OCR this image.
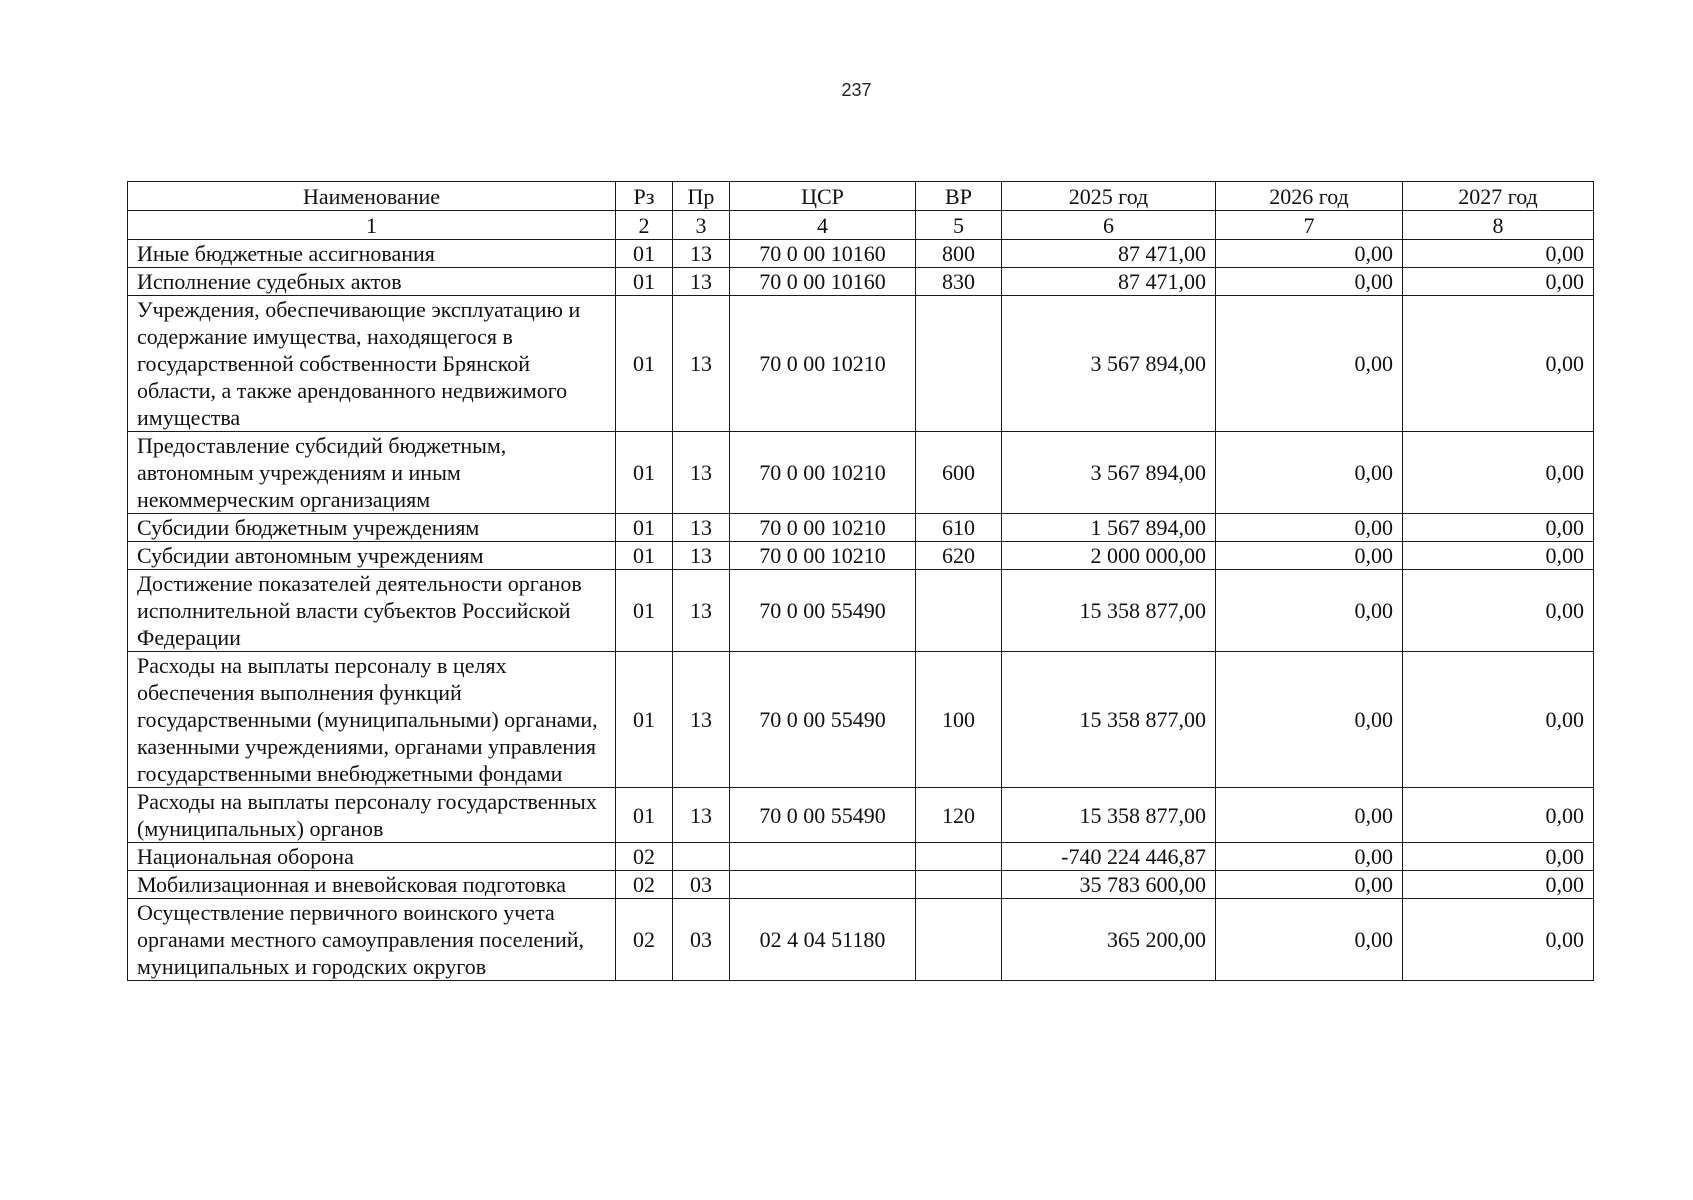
237
Наименование	Рз	Пр	ЦСР	ВР	2025 год	2026 год	2027 год
1	2	3	4	5	6	7	8
Иные бюджетные ассигнования	01	13	70 0 00 10160	800	87 471,00	0,00	0,00
Исполнение судебных актов	01	13	70 0 00 10160	830	87 471,00	0,00	0,00
Учреждения, обеспечивающие эксплуатацию и содержание имущества, находящегося в государственной собственности Брянской области, а также арендованного недвижимого имущества	01	13	70 0 00 10210		3 567 894,00	0,00	0,00
Предоставление субсидий бюджетным, автономным учреждениям и иным некоммерческим организациям	01	13	70 0 00 10210	600	3 567 894,00	0,00	0,00
Субсидии бюджетным учреждениям	01	13	70 0 00 10210	610	1 567 894,00	0,00	0,00
Субсидии автономным учреждениям	01	13	70 0 00 10210	620	2 000 000,00	0,00	0,00
Достижение показателей деятельности органов исполнительной власти субъектов Российской Федерации	01	13	70 0 00 55490		15 358 877,00	0,00	0,00
Расходы на выплаты персоналу в целях обеспечения выполнения функций государственными (муниципальными) органами, казенными учреждениями, органами управления государственными внебюджетными фондами	01	13	70 0 00 55490	100	15 358 877,00	0,00	0,00
Расходы на выплаты персоналу государственных (муниципальных) органов	01	13	70 0 00 55490	120	15 358 877,00	0,00	0,00
Национальная оборона	02				-740 224 446,87	0,00	0,00
Мобилизационная и вневойсковая подготовка	02	03			35 783 600,00	0,00	0,00
Осуществление первичного воинского учета органами местного самоуправления поселений, муниципальных и городских округов	02	03	02 4 04 51180		365 200,00	0,00	0,00
